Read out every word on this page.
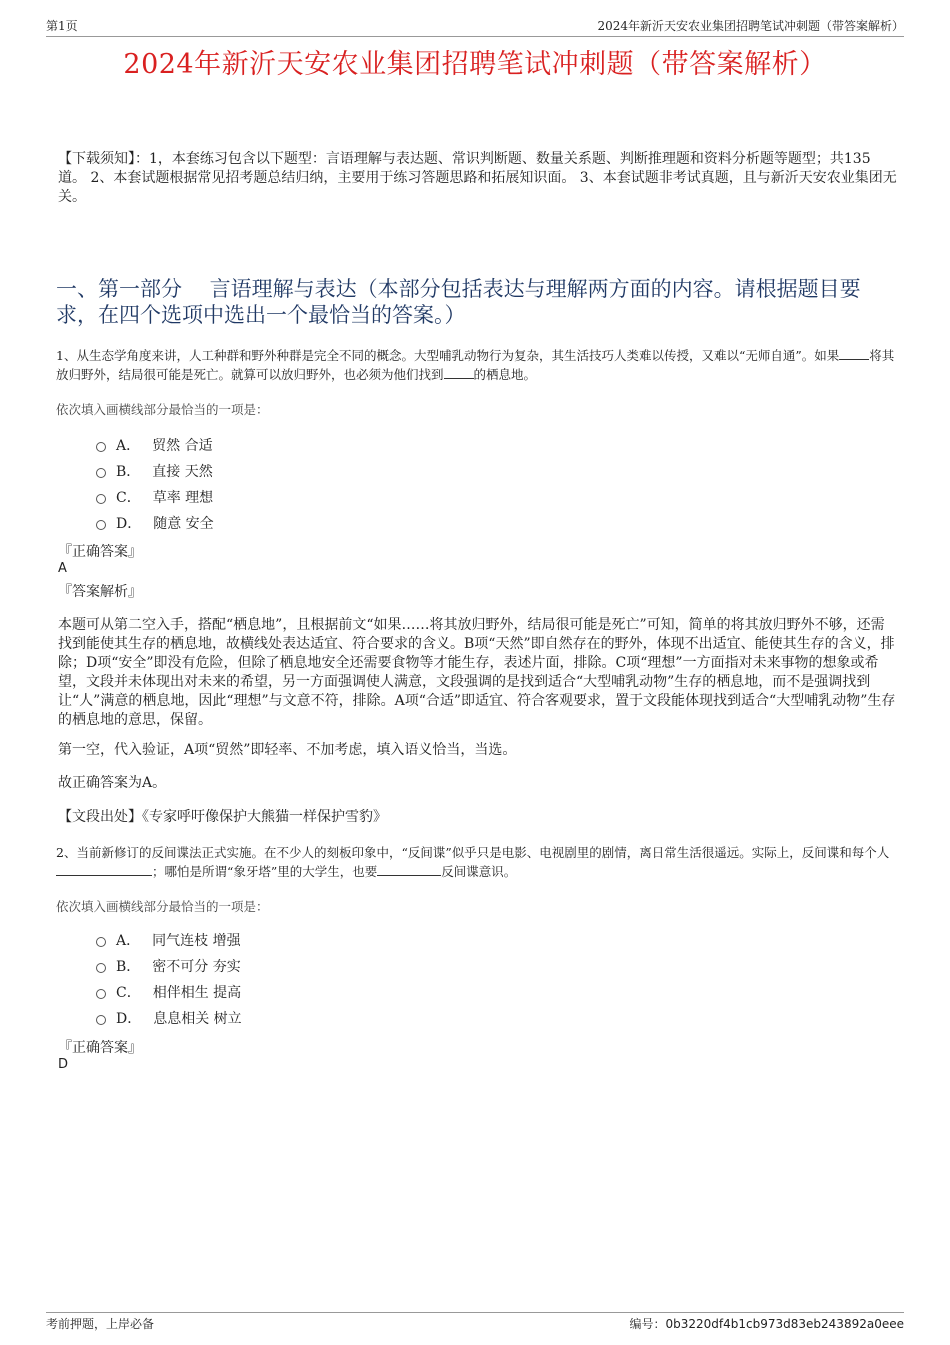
第1页	2024年新沂天安农业集团招聘笔试冲刺题（带答案解析）
2024年新沂天安农业集团招聘笔试冲刺题（带答案解析）
【下载须知】：1，本套练习包含以下题型：言语理解与表达题、常识判断题、数量关系题、判断推理题和资料分析题等题型；共135道。 2、本套试题根据常见招考题总结归纳，主要用于练习答题思路和拓展知识面。 3、本套试题非考试真题，且与新沂天安农业集团无关。
一、第一部分　 言语理解与表达（本部分包括表达与理解两方面的内容。请根据题目要求，在四个选项中选出一个最恰当的答案。）
1、从生态学角度来讲，人工种群和野外种群是完全不同的概念。大型哺乳动物行为复杂，其生活技巧人类难以传授，又难以“无师自通”。如果 将其放归野外，结局很可能是死亡。就算可以放归野外，也必须为他们找到 的栖息地。
依次填入画横线部分最恰当的一项是：
A． 贸然 合适
B． 直接 天然
C． 草率 理想
D． 随意 安全
『正确答案』
A
『答案解析』
本题可从第二空入手，搭配“栖息地”，且根据前文“如果……将其放归野外，结局很可能是死亡”可知，简单的将其放归野外不够，还需找到能使其生存的栖息地，故横线处表达适宜、符合要求的含义。B项“天然”即自然存在的野外，体现不出适宜、能使其生存的含义，排除；D项“安全”即没有危险，但除了栖息地安全还需要食物等才能生存，表述片面，排除。C项“理想”一方面指对未来事物的想象或希望，文段并未体现出对未来的希望，另一方面强调使人满意，文段强调的是找到适合“大型哺乳动物”生存的栖息地，而不是强调找到让“人”满意的栖息地，因此“理想”与文意不符，排除。A项“合适”即适宜、符合客观要求，置于文段能体现找到适合“大型哺乳动物”生存的栖息地的意思，保留。
第一空，代入验证，A项“贸然”即轻率、不加考虑，填入语义恰当，当选。
故正确答案为A。
【文段出处】《专家呼吁像保护大熊猫一样保护雪豹》
2、当前新修订的反间谍法正式实施。在不少人的刻板印象中，“反间谍”似乎只是电影、电视剧里的剧情，离日常生活很遥远。实际上，反间谍和每个人；哪怕是所谓“象牙塔”里的大学生，也要	反间谍意识。
依次填入画横线部分最恰当的一项是：
A． 同气连枝 增强
B． 密不可分 夯实
C． 相伴相生 提高
D． 息息相关 树立
『正确答案』
D
考前押题，上岸必备	编号：0b3220df4b1cb973d83eb243892a0eee
